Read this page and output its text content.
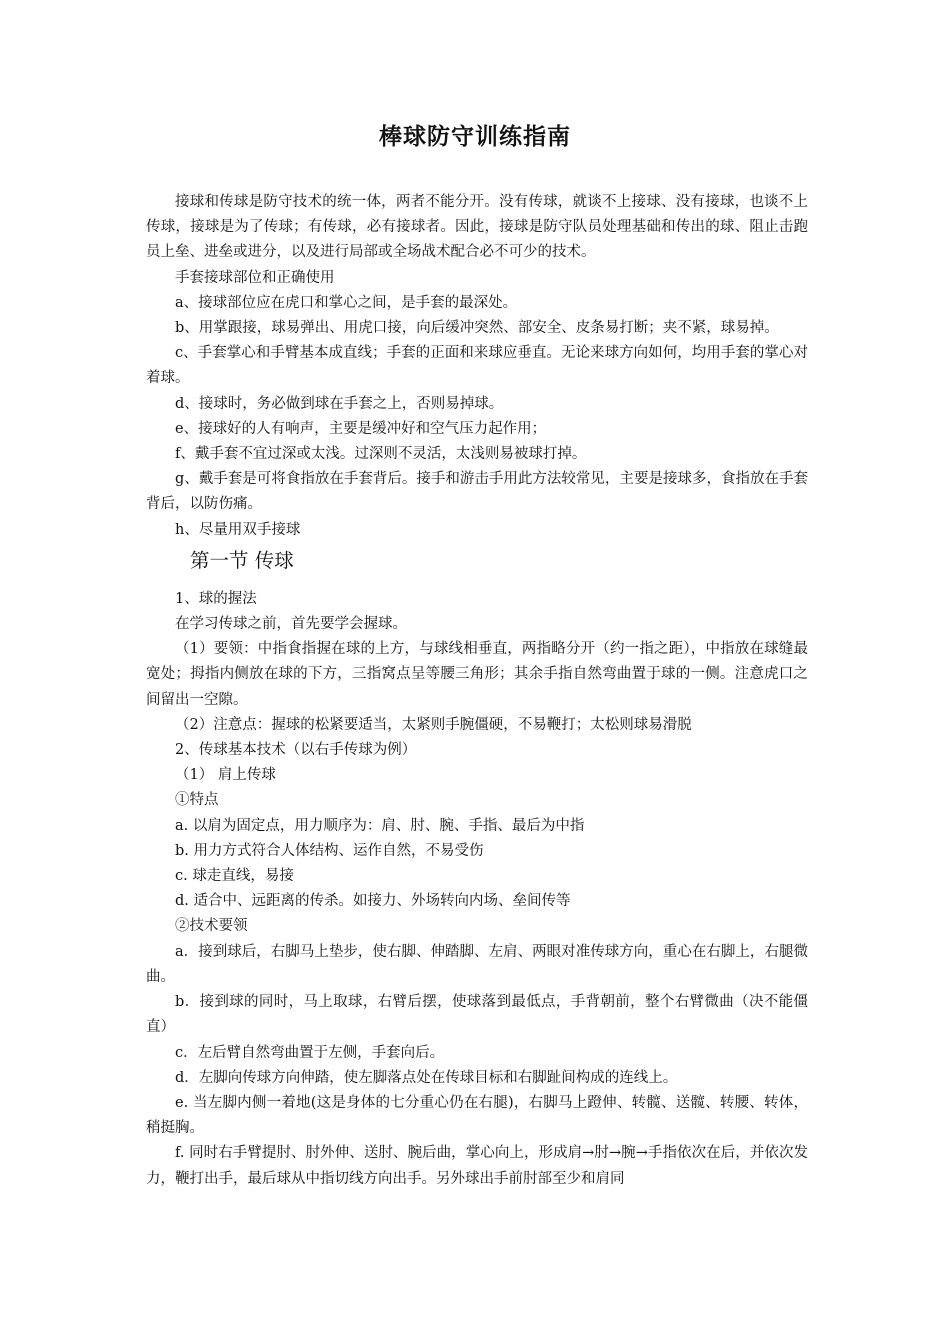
棒球防守训练指南

接球和传球是防守技术的统一体，两者不能分开。没有传球，就谈不上接球、没有接球，也谈不上传球，接球是为了传球；有传球，必有接球者。因此，接球是防守队员处理基础和传出的球、阻止击跑员上垒、进垒或进分，以及进行局部或全场战术配合必不可少的技术。

手套接球部位和正确使用

a、接球部位应在虎口和掌心之间，是手套的最深处。

b、用掌跟接，球易弹出、用虎口接，向后缓冲突然、部安全、皮条易打断；夹不紧，球易掉。

c、手套掌心和手臂基本成直线；手套的正面和来球应垂直。无论来球方向如何，均用手套的掌心对着球。

d、接球时，务必做到球在手套之上，否则易掉球。

e、接球好的人有响声，主要是缓冲好和空气压力起作用；

f、戴手套不宜过深或太浅。过深则不灵活，太浅则易被球打掉。

g、戴手套是可将食指放在手套背后。接手和游击手用此方法较常见，主要是接球多，食指放在手套背后，以防伤痛。

h、尽量用双手接球

第一节 传球

1、球的握法

在学习传球之前，首先要学会握球。

（1）要领：中指食指握在球的上方，与球线相垂直，两指略分开（约一指之距），中指放在球缝最宽处；拇指内侧放在球的下方，三指窝点呈等腰三角形；其余手指自然弯曲置于球的一侧。注意虎口之间留出一空隙。

（2）注意点：握球的松紧要适当，太紧则手腕僵硬，不易鞭打；太松则球易滑脱

2、传球基本技术（以右手传球为例）

（1） 肩上传球

①特点

a. 以肩为固定点，用力顺序为：肩、肘、腕、手指、最后为中指

b. 用力方式符合人体结构、运作自然，不易受伤

c. 球走直线，易接

d. 适合中、远距离的传杀。如接力、外场转向内场、垒间传等

②技术要领

a．接到球后，右脚马上垫步，使右脚、伸踏脚、左肩、两眼对准传球方向，重心在右脚上，右腿微曲。

b．接到球的同时，马上取球，右臂后摆，使球落到最低点，手背朝前，整个右臂微曲（决不能僵直）

c．左后臂自然弯曲置于左侧，手套向后。

d．左脚向传球方向伸踏，使左脚落点处在传球目标和右脚趾间构成的连线上。

e. 当左脚内侧一着地(这是身体的七分重心仍在右腿)，右脚马上蹬伸、转髋、送髋、转腰、转体，稍挺胸。

f. 同时右手臂提肘、肘外伸、送肘、腕后曲，掌心向上，形成肩→肘→腕→手指依次在后，并依次发力，鞭打出手，最后球从中指切线方向出手。另外球出手前肘部至少和肩同
